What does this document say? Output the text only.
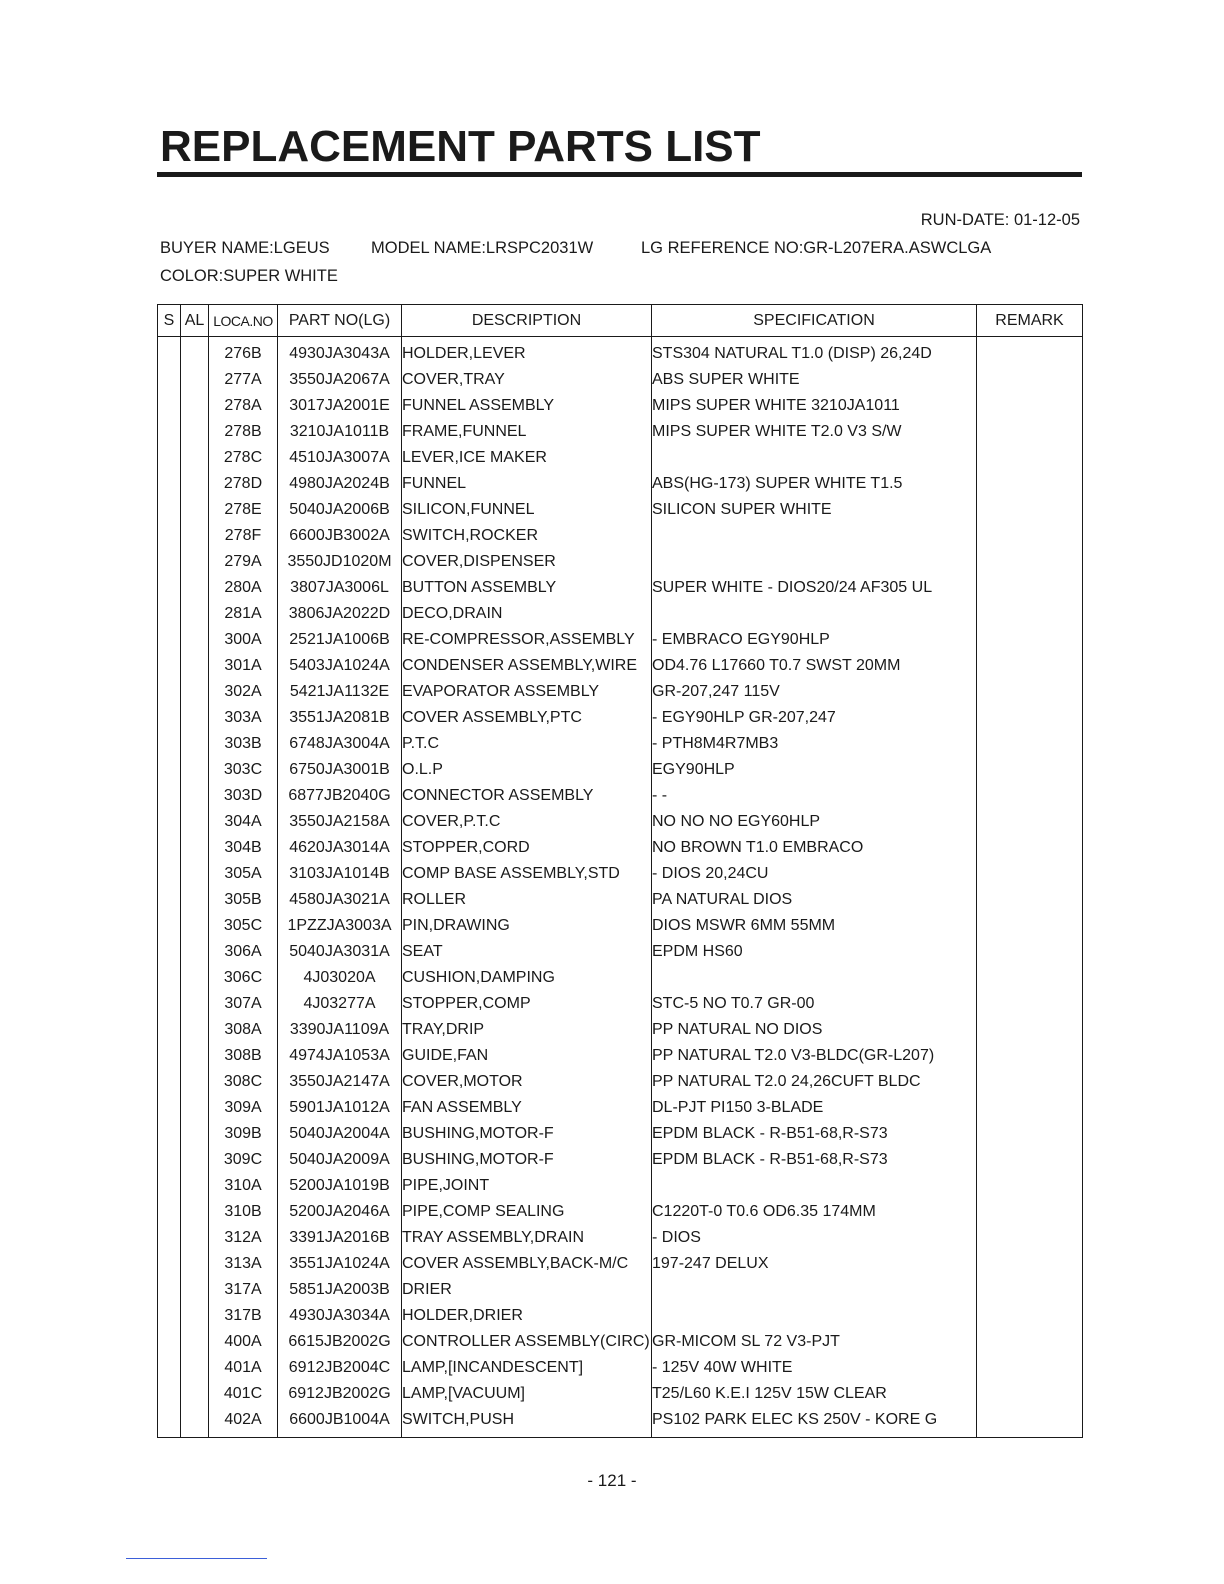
REPLACEMENT PARTS LIST
RUN-DATE: 01-12-05
BUYER NAME:LGEUS	MODEL NAME:LRSPC2031W	LG REFERENCE NO:GR-L207ERA.ASWCLGA
COLOR:SUPER WHITE
S	AL	LOCA.NO	PART NO(LG)	DESCRIPTION	SPECIFICATION	REMARK
		276B	4930JA3043A	HOLDER,LEVER	STS304 NATURAL T1.0 (DISP) 26,24D	
		277A	3550JA2067A	COVER,TRAY	ABS SUPER WHITE	
		278A	3017JA2001E	FUNNEL ASSEMBLY	MIPS SUPER WHITE 3210JA1011	
		278B	3210JA1011B	FRAME,FUNNEL	MIPS SUPER WHITE T2.0 V3 S/W	
		278C	4510JA3007A	LEVER,ICE MAKER		
		278D	4980JA2024B	FUNNEL	ABS(HG-173) SUPER WHITE T1.5	
		278E	5040JA2006B	SILICON,FUNNEL	SILICON SUPER WHITE	
		278F	6600JB3002A	SWITCH,ROCKER		
		279A	3550JD1020M	COVER,DISPENSER		
		280A	3807JA3006L	BUTTON ASSEMBLY	SUPER WHITE - DIOS20/24 AF305 UL	
		281A	3806JA2022D	DECO,DRAIN		
		300A	2521JA1006B	RE-COMPRESSOR,ASSEMBLY	- EMBRACO EGY90HLP	
		301A	5403JA1024A	CONDENSER ASSEMBLY,WIRE	OD4.76 L17660 T0.7 SWST 20MM	
		302A	5421JA1132E	EVAPORATOR ASSEMBLY	GR-207,247 115V	
		303A	3551JA2081B	COVER ASSEMBLY,PTC	- EGY90HLP GR-207,247	
		303B	6748JA3004A	P.T.C	- PTH8M4R7MB3	
		303C	6750JA3001B	O.L.P	EGY90HLP	
		303D	6877JB2040G	CONNECTOR ASSEMBLY	- -	
		304A	3550JA2158A	COVER,P.T.C	NO NO NO EGY60HLP	
		304B	4620JA3014A	STOPPER,CORD	NO BROWN T1.0 EMBRACO	
		305A	3103JA1014B	COMP BASE ASSEMBLY,STD	- DIOS 20,24CU	
		305B	4580JA3021A	ROLLER	PA NATURAL DIOS	
		305C	1PZZJA3003A	PIN,DRAWING	DIOS MSWR 6MM 55MM	
		306A	5040JA3031A	SEAT	EPDM HS60	
		306C	4J03020A	CUSHION,DAMPING		
		307A	4J03277A	STOPPER,COMP	STC-5 NO T0.7 GR-00	
		308A	3390JA1109A	TRAY,DRIP	PP NATURAL NO DIOS	
		308B	4974JA1053A	GUIDE,FAN	PP NATURAL T2.0 V3-BLDC(GR-L207)	
		308C	3550JA2147A	COVER,MOTOR	PP NATURAL T2.0 24,26CUFT BLDC	
		309A	5901JA1012A	FAN ASSEMBLY	DL-PJT PI150 3-BLADE	
		309B	5040JA2004A	BUSHING,MOTOR-F	EPDM BLACK - R-B51-68,R-S73	
		309C	5040JA2009A	BUSHING,MOTOR-F	EPDM BLACK - R-B51-68,R-S73	
		310A	5200JA1019B	PIPE,JOINT		
		310B	5200JA2046A	PIPE,COMP SEALING	C1220T-0 T0.6 OD6.35 174MM	
		312A	3391JA2016B	TRAY ASSEMBLY,DRAIN	- DIOS	
		313A	3551JA1024A	COVER ASSEMBLY,BACK-M/C	197-247 DELUX	
		317A	5851JA2003B	DRIER		
		317B	4930JA3034A	HOLDER,DRIER		
		400A	6615JB2002G	CONTROLLER ASSEMBLY(CIRC)	GR-MICOM SL 72 V3-PJT	
		401A	6912JB2004C	LAMP,[INCANDESCENT]	- 125V 40W WHITE	
		401C	6912JB2002G	LAMP,[VACUUM]	T25/L60 K.E.I 125V 15W CLEAR	
		402A	6600JB1004A	SWITCH,PUSH	PS102 PARK ELEC KS 250V - KORE G	
- 121 -
